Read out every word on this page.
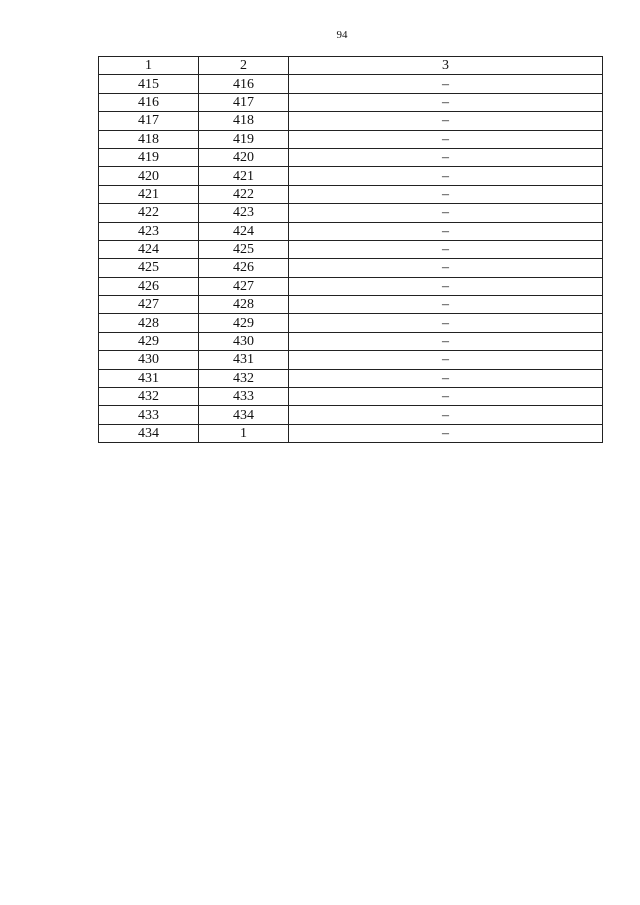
94
1	2	3
415	416	–
416	417	–
417	418	–
418	419	–
419	420	–
420	421	–
421	422	–
422	423	–
423	424	–
424	425	–
425	426	–
426	427	–
427	428	–
428	429	–
429	430	–
430	431	–
431	432	–
432	433	–
433	434	–
434	1	–
